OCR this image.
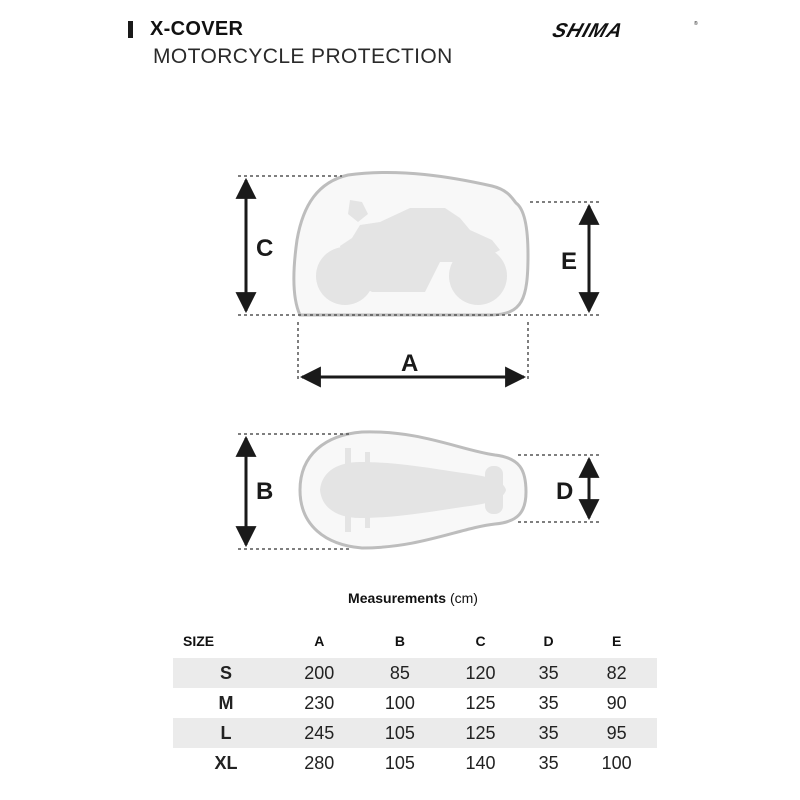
X-COVER
MOTORCYCLE PROTECTION
SHIMA	®
C	E
A
B	D
Measurements (cm)
SIZE	A	B	C	D	E
S	200	85	120	35	82
M	230	100	125	35	90
L	245	105	125	35	95
XL	280	105	140	35	100
